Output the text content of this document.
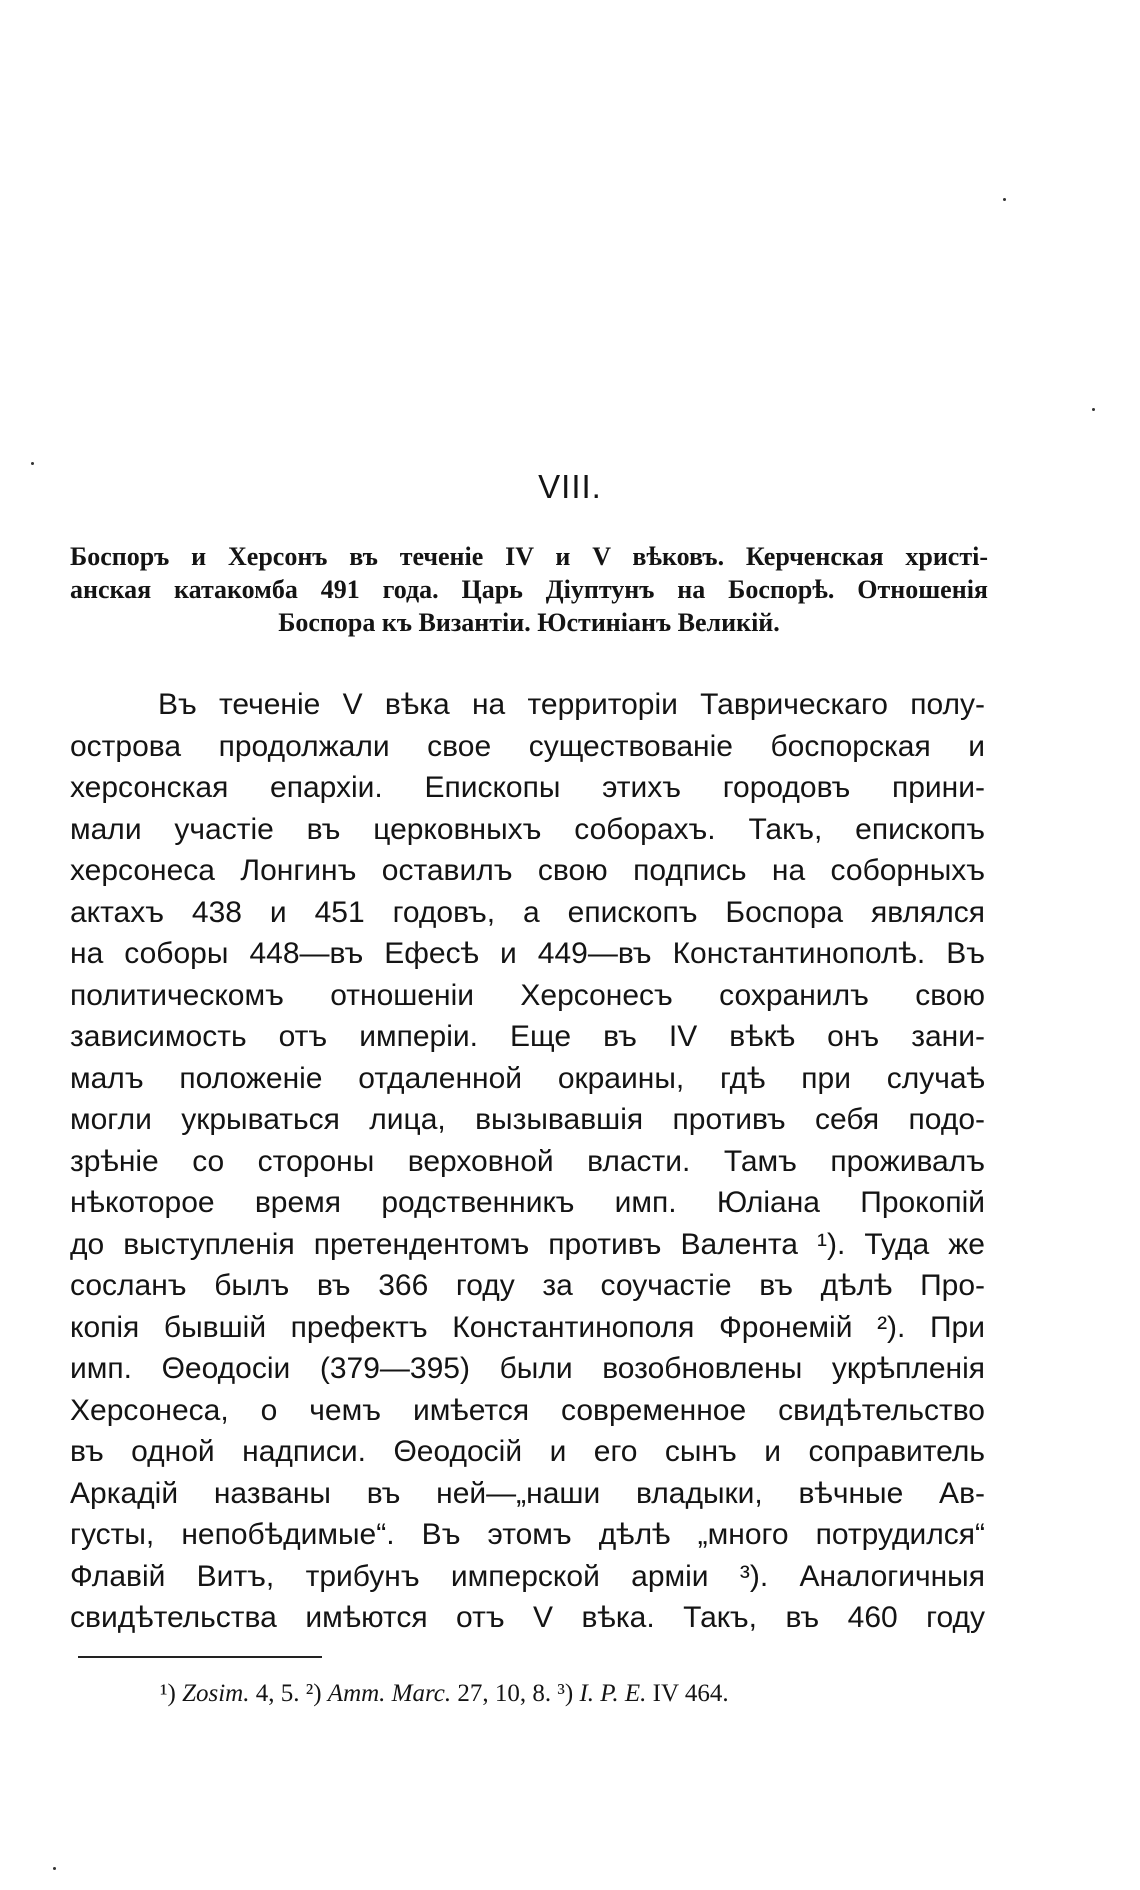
VIII.
Боспоръ и Херсонъ въ теченіе IV и V вѣковъ. Керченская христі-
анская катакомба 491 года. Царь Діуптунъ на Боспорѣ. Отношенія
Боспора къ Византіи. Юстиніанъ Великій.
Въ теченіе V вѣка на территоріи Таврическаго полу-
острова продолжали свое существованіе боспорская и
херсонская епархіи. Епископы этихъ городовъ прини-
мали участіе въ церковныхъ соборахъ. Такъ, епископъ
херсонеса Лонгинъ оставилъ свою подпись на соборныхъ
актахъ 438 и 451 годовъ, а епископъ Боспора являлся
на соборы 448—въ Ефесѣ и 449—въ Константинополѣ. Въ
политическомъ отношеніи Херсонесъ сохранилъ свою
зависимость отъ имперіи. Еще въ IV вѣкѣ онъ зани-
малъ положеніе отдаленной окраины, гдѣ при случаѣ
могли укрываться лица, вызывавшія противъ себя подо-
зрѣніе со стороны верховной власти. Тамъ проживалъ
нѣкоторое время родственникъ имп. Юліана Прокопій
до выступленія претендентомъ противъ Валента ¹). Туда же
сосланъ былъ въ 366 году за соучастіе въ дѣлѣ Про-
копія бывшій префектъ Константинополя Фронемій ²). При
имп. Θеодосіи (379—395) были возобновлены укрѣпленія
Херсонеса, о чемъ имѣется современное свидѣтельство
въ одной надписи. Θеодосій и его сынъ и соправитель
Аркадій названы въ ней—„наши владыки, вѣчные Ав-
густы, непобѣдимые“. Въ этомъ дѣлѣ „много потрудился“
Флавій Витъ, трибунъ имперской арміи ³). Аналогичныя
свидѣтельства имѣются отъ V вѣка. Такъ, въ 460 году
¹) Zosim. 4, 5. ²) Amm. Marc. 27, 10, 8. ³) I. P. E. IV 464.
